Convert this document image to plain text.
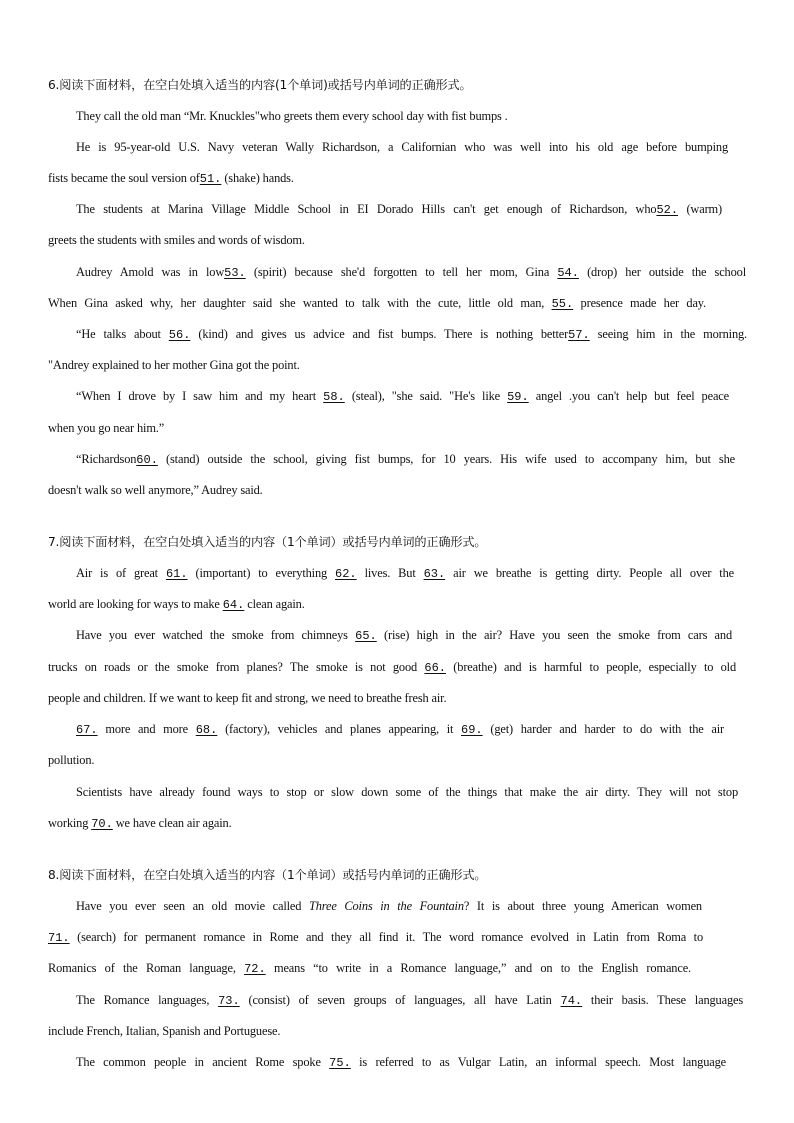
6.阅读下面材料，在空白处填入适当的内容(1个单词)或括号内单词的正确形式。
They call the old man “Mr. Knuckles"who greets them every school day with fist bumps .
He is 95-year-old U.S. Navy veteran Wally Richardson, a Californian who was well into his old age before bumping
fists became the soul version of51. (shake) hands.
The students at Marina Village Middle School in EI Dorado Hills can't get enough of Richardson, who52. (warm)
greets the students with smiles and words of wisdom.
Audrey Amold was in low53. (spirit) because she'd forgotten to tell her mom, Gina 54. (drop) her outside the school
When Gina asked why, her daughter said she wanted to talk with the cute, little old man, 55. presence made her day.
“He talks about 56. (kind) and gives us advice and fist bumps. There is nothing better57. seeing him in the morning.
"Andrey explained to her mother Gina got the point.
“When I drove by I saw him and my heart 58. (steal), "she said. "He's like 59. angel .you can't help but feel peace
when you go near him.”
“Richardson60. (stand) outside the school, giving fist bumps, for 10 years. His wife used to accompany him, but she
doesn't walk so well anymore,” Audrey said.
7.阅读下面材料，在空白处填入适当的内容（1个单词）或括号内单词的正确形式。
Air is of great 61. (important) to everything 62. lives. But 63. air we breathe is getting dirty. People all over the
world are looking for ways to make 64. clean again.
Have you ever watched the smoke from chimneys 65. (rise) high in the air? Have you seen the smoke from cars and
trucks on roads or the smoke from planes? The smoke is not good 66. (breathe) and is harmful to people, especially to old
people and children. If we want to keep fit and strong, we need to breathe fresh air.
67. more and more 68. (factory), vehicles and planes appearing, it 69. (get) harder and harder to do with the air
pollution.
Scientists have already found ways to stop or slow down some of the things that make the air dirty. They will not stop
working 70. we have clean air again.
8.阅读下面材料，在空白处填入适当的内容（1个单词）或括号内单词的正确形式。
Have you ever seen an old movie called Three Coins in the Fountain? It is about three young American women
71. (search) for permanent romance in Rome and they all find it. The word romance evolved in Latin from Roma to
Romanics of the Roman language, 72. means “to write in a Romance language,” and on to the English romance.
The Romance languages, 73. (consist) of seven groups of languages, all have Latin 74. their basis. These languages
include French, Italian, Spanish and Portuguese.
The common people in ancient Rome spoke 75. is referred to as Vulgar Latin, an informal speech. Most language
